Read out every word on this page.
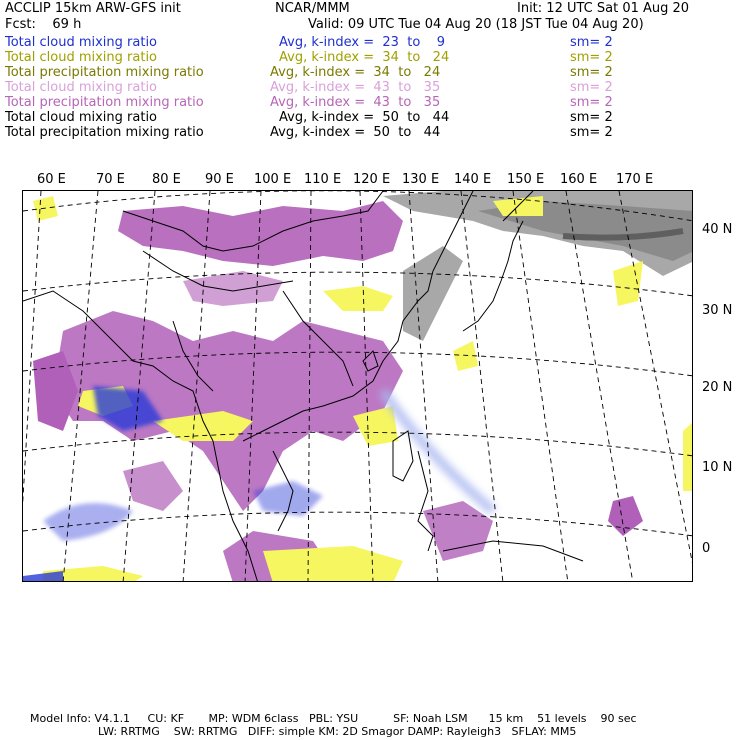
ACCLIP 15km ARW-GFS init	NCAR/MMM	Init: 12 UTC Sat 01 Aug 20
Fcst:    69 h	Valid: 09 UTC Tue 04 Aug 20 (18 JST Tue 04 Aug 20)
Total cloud mixing ratio	Avg, k-index =  23  to    9	sm= 2
Total cloud mixing ratio	Avg, k-index =  34  to   24	sm= 2
Total precipitation mixing ratio	Avg, k-index =  34  to   24	sm= 2
Total cloud mixing ratio	Avg, k-index =  43  to   35	sm= 2
Total precipitation mixing ratio	Avg, k-index =  43  to   35	sm= 2
Total cloud mixing ratio	Avg, k-index =  50  to   44	sm= 2
Total precipitation mixing ratio	Avg, k-index =  50  to   44	sm= 2
60 E 70 E 80 E 90 E 100 E 110 E 120 E 130 E 140 E 150 E 160 E 170 E
40 N
30 N
20 N
10 N
0
Model Info: V4.1.1     CU: KF       MP: WDM 6class   PBL: YSU          SF: Noah LSM      15 km    51 levels    90 sec
LW: RRTMG    SW: RRTMG   DIFF: simple KM: 2D Smagor DAMP: Rayleigh3   SFLAY: MM5
